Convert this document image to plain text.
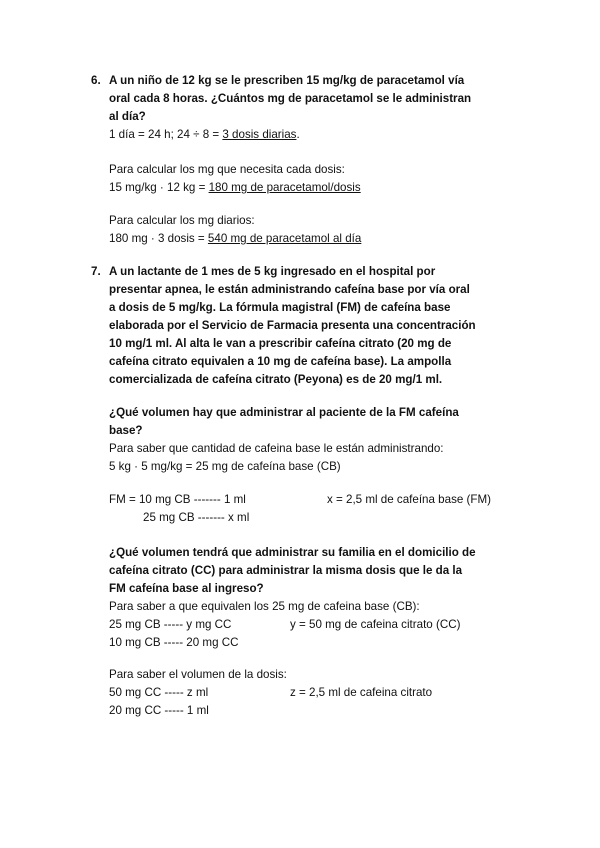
6. A un niño de 12 kg se le prescriben 15 mg/kg de paracetamol vía
oral cada 8 horas. ¿Cuántos mg de paracetamol se le administran
al día?
1 día = 24 h; 24 ÷ 8 = 3 dosis diarias.
Para calcular los mg que necesita cada dosis:
15 mg/kg · 12 kg = 180 mg de paracetamol/dosis
Para calcular los mg diarios:
180 mg · 3 dosis = 540 mg de paracetamol al día
7. A un lactante de 1 mes de 5 kg ingresado en el hospital por
presentar apnea, le están administrando cafeína base por vía oral
a dosis de 5 mg/kg. La fórmula magistral (FM) de cafeína base
elaborada por el Servicio de Farmacia presenta una concentración
10 mg/1 ml. Al alta le van a prescribir cafeína citrato (20 mg de
cafeína citrato equivalen a 10 mg de cafeína base). La ampolla
comercializada de cafeína citrato (Peyona) es de 20 mg/1 ml.
¿Qué volumen hay que administrar al paciente de la FM cafeína
base?
Para saber que cantidad de cafeina base le están administrando:
5 kg · 5 mg/kg = 25 mg de cafeína base (CB)
FM = 10 mg CB ------- 1 ml	x = 2,5 ml de cafeína base (FM)
25 mg CB ------- x ml
¿Qué volumen tendrá que administrar su familia en el domicilio de
cafeína citrato (CC) para administrar la misma dosis que le da la
FM cafeína base al ingreso?
Para saber a que equivalen los 25 mg de cafeina base (CB):
25 mg CB ----- y mg CC	y = 50 mg de cafeina citrato (CC)
10 mg CB ----- 20 mg CC
Para saber el volumen de la dosis:
50 mg CC ----- z ml	z = 2,5 ml de cafeina citrato
20 mg CC ----- 1 ml
